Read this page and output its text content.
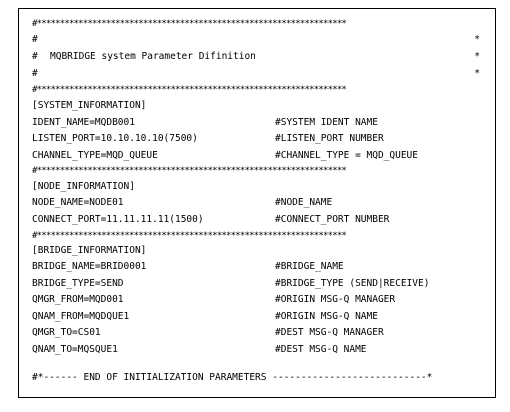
#*******************************************************************
#	*
# MQBRIDGE system Parameter Difinition	*
#	*
#*******************************************************************
[SYSTEM_INFORMATION]
IDENT_NAME=MQDB001	#SYSTEM IDENT NAME
LISTEN_PORT=10.10.10.10(7500)	#LISTEN_PORT NUMBER
CHANNEL_TYPE=MQD_QUEUE	#CHANNEL_TYPE = MQD_QUEUE
#*******************************************************************
[NODE_INFORMATION]
NODE_NAME=NODE01	#NODE_NAME
CONNECT_PORT=11.11.11.11(1500)	#CONNECT_PORT NUMBER
#*******************************************************************
[BRIDGE_INFORMATION]
BRIDGE_NAME=BRID0001	#BRIDGE_NAME
BRIDGE_TYPE=SEND	#BRIDGE_TYPE (SEND|RECEIVE)
QMGR_FROM=MQD001	#ORIGIN MSG-Q MANAGER
QNAM_FROM=MQDQUE1	#ORIGIN MSG-Q NAME
QMGR_TO=CS01	#DEST MSG-Q MANAGER
QNAM_TO=MQSQUE1	#DEST MSG-Q NAME
#*------ END OF INITIALIZATION PARAMETERS ---------------------------*
